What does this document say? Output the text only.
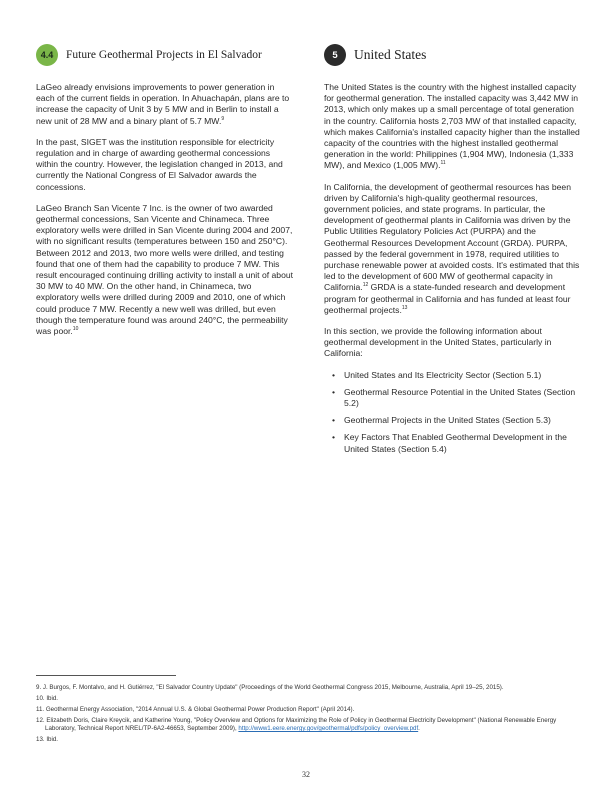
4.4	Future Geothermal Projects in El Salvador

LaGeo already envisions improvements to power generation in each of the current fields in operation. In Ahuachapán, plans are to increase the capacity of Unit 3 by 5 MW and in Berlin to install a new unit of 28 MW and a binary plant of 5.7 MW.$^9$

In the past, SIGET was the institution responsible for electricity regulation and in charge of awarding geothermal concessions within the country. However, the legislation changed in 2013, and currently the National Congress of El Salvador awards the concessions.

LaGeo Branch San Vicente 7 Inc. is the owner of two awarded geothermal concessions, San Vicente and Chinameca. Three exploratory wells were drilled in San Vicente during 2004 and 2007, with no significant results (temperatures between 150 and 250°C). Between 2012 and 2013, two more wells were drilled, and testing found that one of them had the capability to produce 7 MW. This result encouraged continuing drilling activity to install a unit of about 30 MW to 40 MW. On the other hand, in Chinameca, two exploratory wells were drilled during 2009 and 2010, one of which could produce 7 MW. Recently a new well was drilled, but even though the temperature found was around 240°C, the permeability was poor.$^{10}$

5	United States

The United States is the country with the highest installed capacity for geothermal generation. The installed capacity was 3,442 MW in 2013, which only makes up a small percentage of total generation in the country. California hosts 2,703 MW of that installed capacity, which makes California's installed capacity higher than the installed capacity of the countries with the highest installed geothermal generation in the world: Philippines (1,904 MW), Indonesia (1,333 MW), and Mexico (1,005 MW).$^{11}$

In California, the development of geothermal resources has been driven by California's high-quality geothermal resources, government policies, and state programs. In particular, the development of geothermal plants in California was driven by the Public Utilities Regulatory Policies Act (PURPA) and the Geothermal Resources Development Account (GRDA). PURPA, passed by the federal government in 1978, required utilities to purchase renewable power at avoided costs. It's estimated that this led to the development of 600 MW of geothermal capacity in California.$^{12}$ GRDA is a state-funded research and development program for geothermal in California and has funded at least four geothermal projects.$^{13}$

In this section, we provide the following information about geothermal development in the United States, particularly in California:

• United States and Its Electricity Sector (Section 5.1)
• Geothermal Resource Potential in the United States (Section 5.2)
• Geothermal Projects in the United States (Section 5.3)
• Key Factors That Enabled Geothermal Development in the United States (Section 5.4)

9. J. Burgos, F. Montalvo, and H. Gutiérrez, "El Salvador Country Update" (Proceedings of the World Geothermal Congress 2015, Melbourne, Australia, April 19–25, 2015).

10. Ibid.

11. Geothermal Energy Association, "2014 Annual U.S. & Global Geothermal Power Production Report" (April 2014).

12. Elizabeth Doris, Claire Kreycik, and Katherine Young, "Policy Overview and Options for Maximizing the Role of Policy in Geothermal Electricity Development" (National Renewable Energy Laboratory, Technical Report NREL/TP-6A2-46653, September 2009), http://www1.eere.energy.gov/geothermal/pdfs/policy_overview.pdf.

13. Ibid.

32
